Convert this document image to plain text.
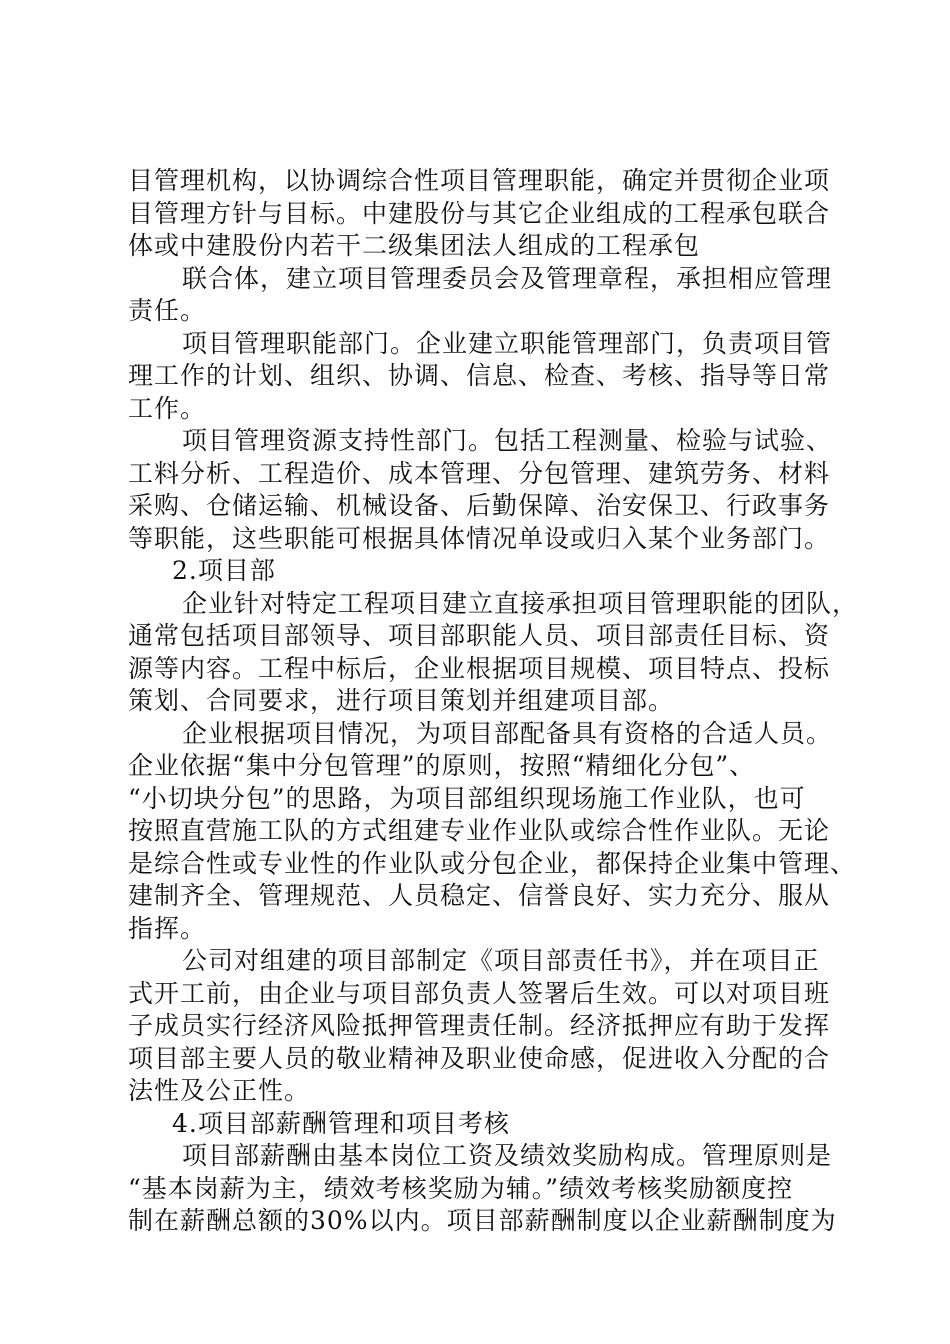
目管理机构，以协调综合性项目管理职能，确定并贯彻企业项
目管理方针与目标。中建股份与其它企业组成的工程承包联合
体或中建股份内若干二级集团法人组成的工程承包
联合体，建立项目管理委员会及管理章程，承担相应管理
责任。
项目管理职能部门。企业建立职能管理部门，负责项目管
理工作的计划、组织、协调、信息、检查、考核、指导等日常
工作。
项目管理资源支持性部门。包括工程测量、检验与试验、
工料分析、工程造价、成本管理、分包管理、建筑劳务、材料
采购、仓储运输、机械设备、后勤保障、治安保卫、行政事务
等职能，这些职能可根据具体情况单设或归入某个业务部门。
2.项目部
企业针对特定工程项目建立直接承担项目管理职能的团队，
通常包括项目部领导、项目部职能人员、项目部责任目标、资
源等内容。工程中标后，企业根据项目规模、项目特点、投标
策划、合同要求，进行项目策划并组建项目部。
企业根据项目情况，为项目部配备具有资格的合适人员。
企业依据“集中分包管理”的原则，按照“精细化分包”、
“小切块分包”的思路，为项目部组织现场施工作业队，也可
按照直营施工队的方式组建专业作业队或综合性作业队。无论
是综合性或专业性的作业队或分包企业，都保持企业集中管理、
建制齐全、管理规范、人员稳定、信誉良好、实力充分、服从
指挥。
公司对组建的项目部制定《项目部责任书》，并在项目正
式开工前，由企业与项目部负责人签署后生效。可以对项目班
子成员实行经济风险抵押管理责任制。经济抵押应有助于发挥
项目部主要人员的敬业精神及职业使命感，促进收入分配的合
法性及公正性。
4.项目部薪酬管理和项目考核
项目部薪酬由基本岗位工资及绩效奖励构成。管理原则是
“基本岗薪为主，绩效考核奖励为辅。”绩效考核奖励额度控
制在薪酬总额的30%以内。项目部薪酬制度以企业薪酬制度为
